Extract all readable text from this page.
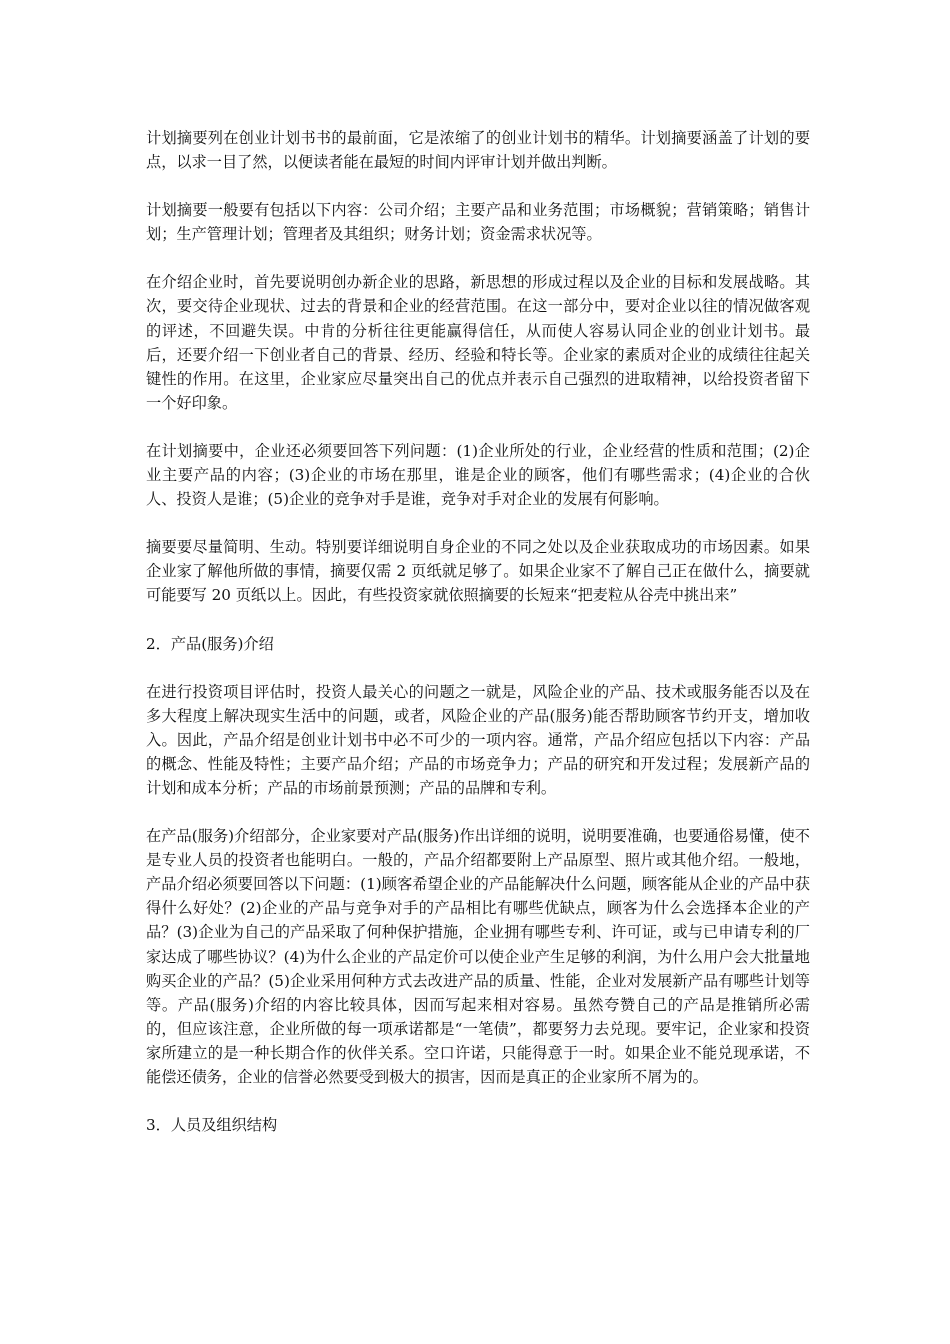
计划摘要列在创业计划书书的最前面，它是浓缩了的创业计划书的精华。计划摘要涵盖了计划的要点，以求一目了然，以便读者能在最短的时间内评审计划并做出判断。

计划摘要一般要有包括以下内容：公司介绍；主要产品和业务范围；市场概貌；营销策略；销售计划；生产管理计划；管理者及其组织；财务计划；资金需求状况等。

在介绍企业时，首先要说明创办新企业的思路，新思想的形成过程以及企业的目标和发展战略。其次，要交待企业现状、过去的背景和企业的经营范围。在这一部分中，要对企业以往的情况做客观的评述，不回避失误。中肯的分析往往更能赢得信任，从而使人容易认同企业的创业计划书。最后，还要介绍一下创业者自己的背景、经历、经验和特长等。企业家的素质对企业的成绩往往起关键性的作用。在这里，企业家应尽量突出自己的优点并表示自己强烈的进取精神，以给投资者留下一个好印象。

在计划摘要中，企业还必须要回答下列问题：(1)企业所处的行业，企业经营的性质和范围；(2)企业主要产品的内容；(3)企业的市场在那里，谁是企业的顾客，他们有哪些需求；(4)企业的合伙人、投资人是谁；(5)企业的竞争对手是谁，竞争对手对企业的发展有何影响。

摘要要尽量简明、生动。特别要详细说明自身企业的不同之处以及企业获取成功的市场因素。如果企业家了解他所做的事情，摘要仅需 2 页纸就足够了。如果企业家不了解自己正在做什么，摘要就可能要写 20 页纸以上。因此，有些投资家就依照摘要的长短来“把麦粒从谷壳中挑出来”

2．产品(服务)介绍

在进行投资项目评估时，投资人最关心的问题之一就是，风险企业的产品、技术或服务能否以及在多大程度上解决现实生活中的问题，或者，风险企业的产品(服务)能否帮助顾客节约开支，增加收入。因此，产品介绍是创业计划书中必不可少的一项内容。通常，产品介绍应包括以下内容：产品的概念、性能及特性；主要产品介绍；产品的市场竞争力；产品的研究和开发过程；发展新产品的计划和成本分析；产品的市场前景预测；产品的品牌和专利。

在产品(服务)介绍部分，企业家要对产品(服务)作出详细的说明，说明要准确，也要通俗易懂，使不是专业人员的投资者也能明白。一般的，产品介绍都要附上产品原型、照片或其他介绍。一般地，产品介绍必须要回答以下问题：(1)顾客希望企业的产品能解决什么问题，顾客能从企业的产品中获得什么好处？(2)企业的产品与竞争对手的产品相比有哪些优缺点，顾客为什么会选择本企业的产品？(3)企业为自己的产品采取了何种保护措施，企业拥有哪些专利、许可证，或与已申请专利的厂家达成了哪些协议？(4)为什么企业的产品定价可以使企业产生足够的利润，为什么用户会大批量地购买企业的产品？(5)企业采用何种方式去改进产品的质量、性能，企业对发展新产品有哪些计划等等。产品(服务)介绍的内容比较具体，因而写起来相对容易。虽然夸赞自己的产品是推销所必需的，但应该注意，企业所做的每一项承诺都是“一笔债”，都要努力去兑现。要牢记，企业家和投资家所建立的是一种长期合作的伙伴关系。空口许诺，只能得意于一时。如果企业不能兑现承诺，不能偿还债务，企业的信誉必然要受到极大的损害，因而是真正的企业家所不屑为的。

3．人员及组织结构
